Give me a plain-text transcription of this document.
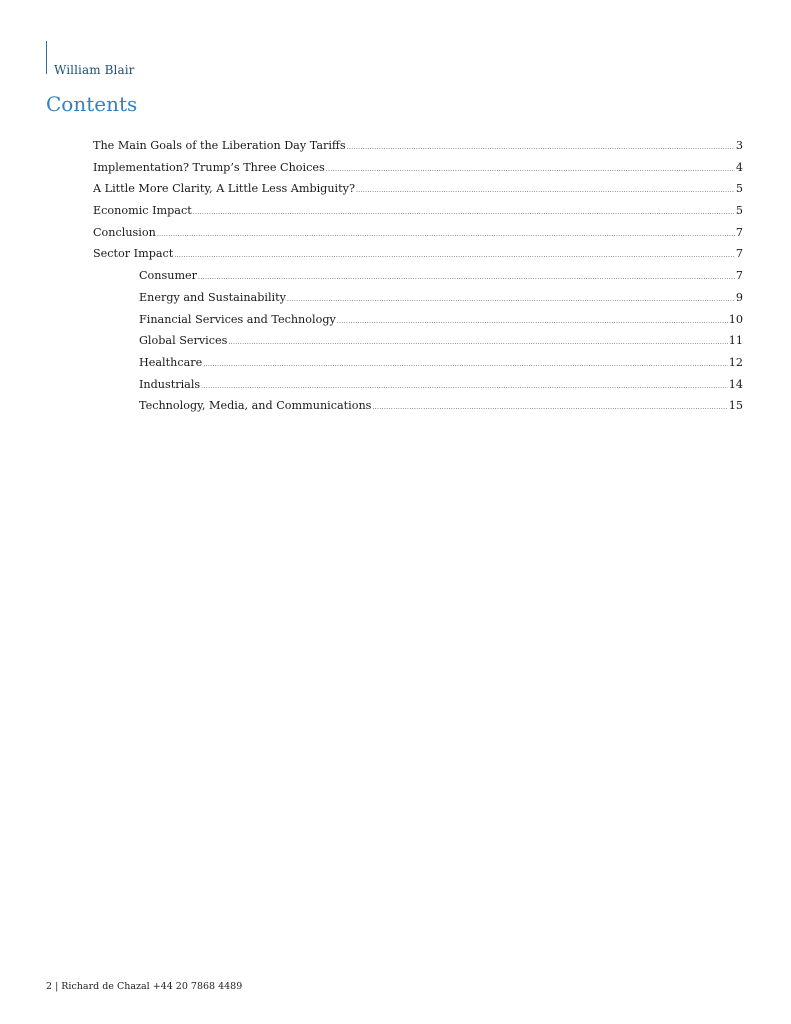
William Blair
Contents
The Main Goals of the Liberation Day Tariffs .....	3
Implementation? Trump’s Three Choices .....	4
A Little More Clarity, A Little Less Ambiguity? .....	5
Economic Impact .....	5
Conclusion .....	7
Sector Impact .....	7
Consumer .....	7
Energy and Sustainability .....	9
Financial Services and Technology .....	10
Global Services .....	11
Healthcare .....	12
Industrials .....	14
Technology, Media, and Communications .....	15
2 | Richard de Chazal +44 20 7868 4489
